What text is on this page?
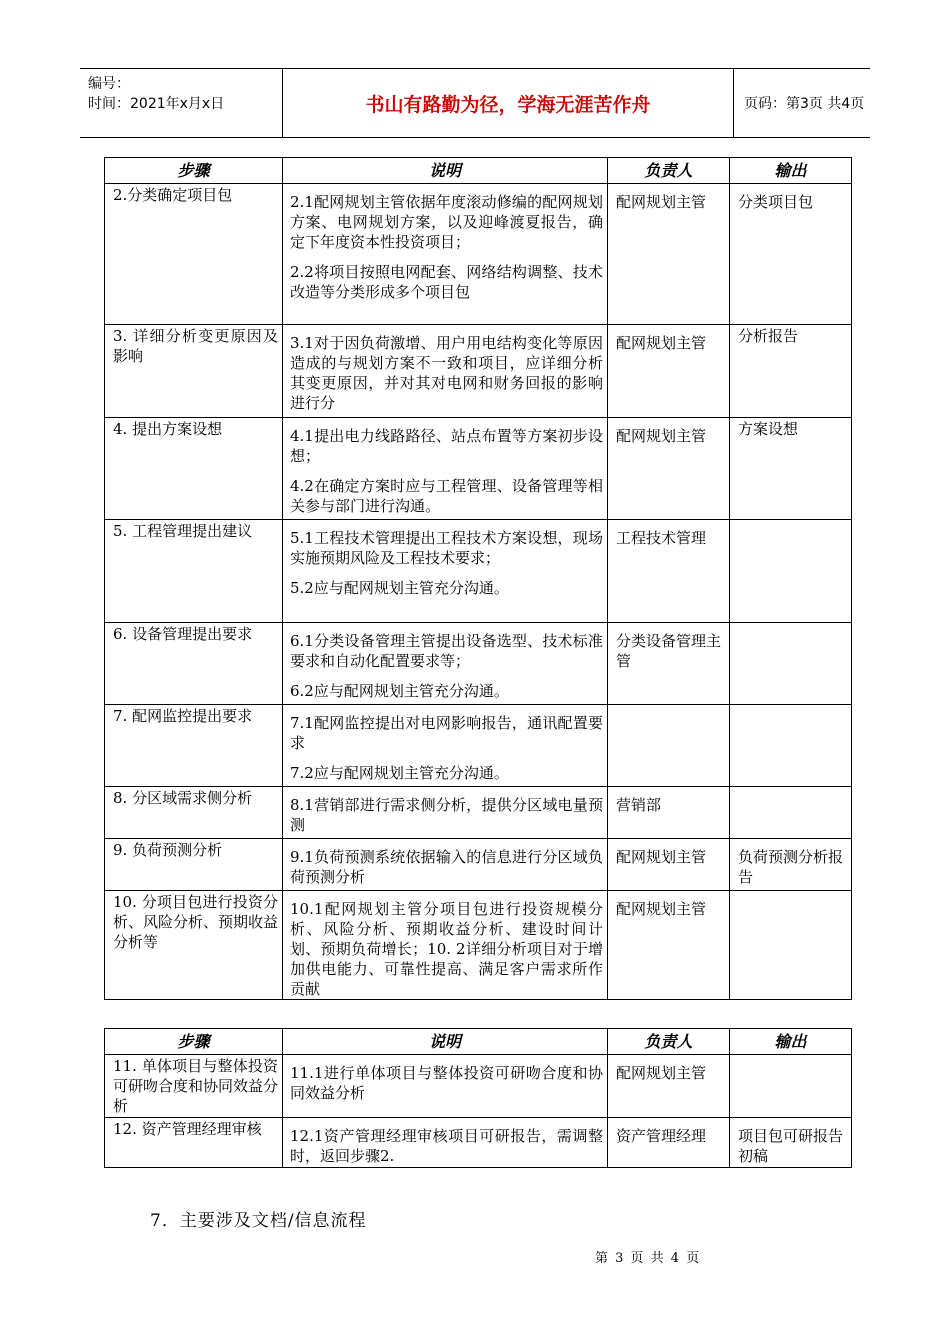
编号：
时间：2021年x月x日	书山有路勤为径，学海无涯苦作舟	页码：第3页 共4页
步骤	说明	负责人	输出
2.分类确定项目包	2.1配网规划主管依据年度滚动修编的配网规划方案、电网规划方案，以及迎峰渡夏报告，确定下年度资本性投资项目；

2.2将项目按照电网配套、网络结构调整、技术改造等分类形成多个项目包	配网规划主管	分类项目包
3. 详细分析变更原因及影响	3.1对于因负荷激增、用户用电结构变化等原因造成的与规划方案不一致和项目，应详细分析其变更原因，并对其对电网和财务回报的影响进行分	配网规划主管	分析报告
4. 提出方案设想	4.1提出电力线路路径、站点布置等方案初步设想；

4.2在确定方案时应与工程管理、设备管理等相关参与部门进行沟通。	配网规划主管	方案设想
5. 工程管理提出建议	5.1工程技术管理提出工程技术方案设想，现场实施预期风险及工程技术要求；

5.2应与配网规划主管充分沟通。	工程技术管理	
6. 设备管理提出要求	6.1分类设备管理主管提出设备选型、技术标准要求和自动化配置要求等；

6.2应与配网规划主管充分沟通。	分类设备管理主管	
7. 配网监控提出要求	7.1配网监控提出对电网影响报告，通讯配置要求

7.2应与配网规划主管充分沟通。		

8. 分区域需求侧分析	8.1营销部进行需求侧分析，提供分区域电量预测	营销部	
9. 负荷预测分析	9.1负荷预测系统依据输入的信息进行分区域负荷预测分析	配网规划主管	负荷预测分析报告
10. 分项目包进行投资分析、风险分析、预期收益分析等	10.1配网规划主管分项目包进行投资规模分析、风险分析、预期收益分析、建设时间计划、预期负荷增长；10. 2详细分析项目对于增加供电能力、可靠性提高、满足客户需求所作贡献	配网规划主管	
步骤	说明	负责人	输出
11. 单体项目与整体投资可研吻合度和协同效益分析	11.1进行单体项目与整体投资可研吻合度和协同效益分析	配网规划主管	
12. 资产管理经理审核	12.1资产管理经理审核项目可研报告，需调整时，返回步骤2.	资产管理经理	项目包可研报告初稿
7．主要涉及文档/信息流程
第 3 页 共 4 页
